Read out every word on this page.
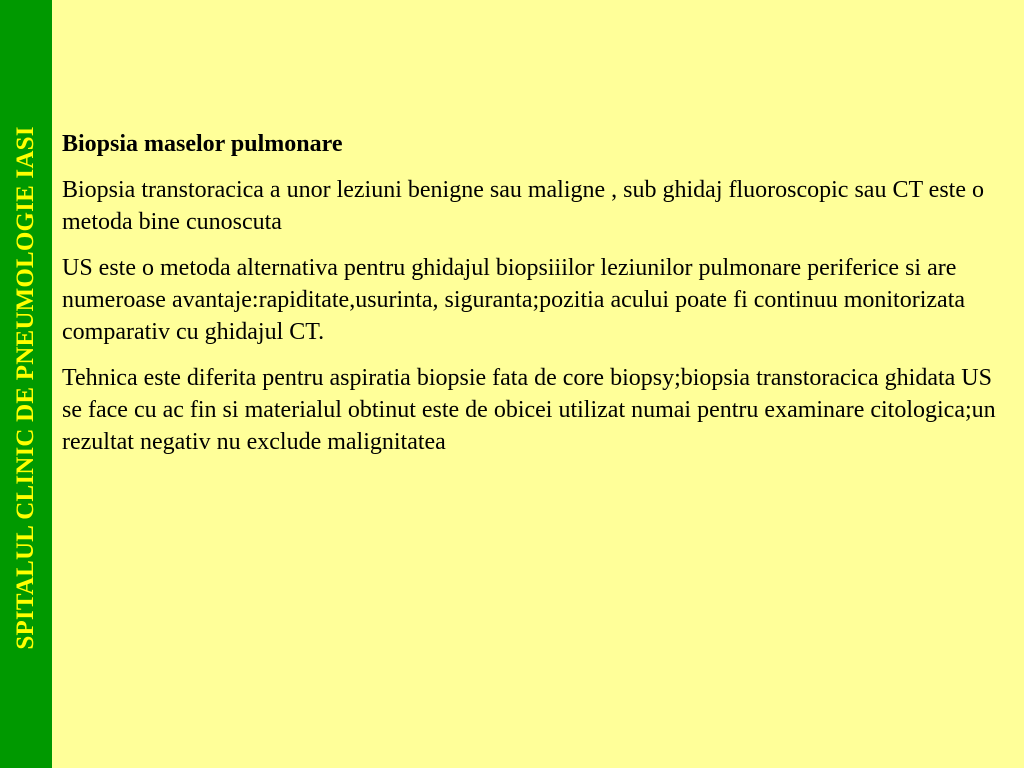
SPITALUL CLINIC DE PNEUMOLOGIE IASI Biopsia maselor pulmonare

Biopsia transtoracica a unor leziuni benigne sau maligne , sub ghidaj fluoroscopic sau CT este o metoda bine cunoscuta

US este o metoda alternativa pentru ghidajul biopsiiilor leziunilor pulmonare periferice si are numeroase avantaje:rapiditate,usurinta, siguranta;pozitia acului poate fi continuu monitorizata comparativ cu ghidajul CT.

Tehnica este diferita pentru aspiratia biopsie fata de core biopsy;biopsia transtoracica ghidata US se face cu ac fin si materialul obtinut este de obicei utilizat numai pentru examinare citologica;un rezultat negativ nu exclude malignitatea
